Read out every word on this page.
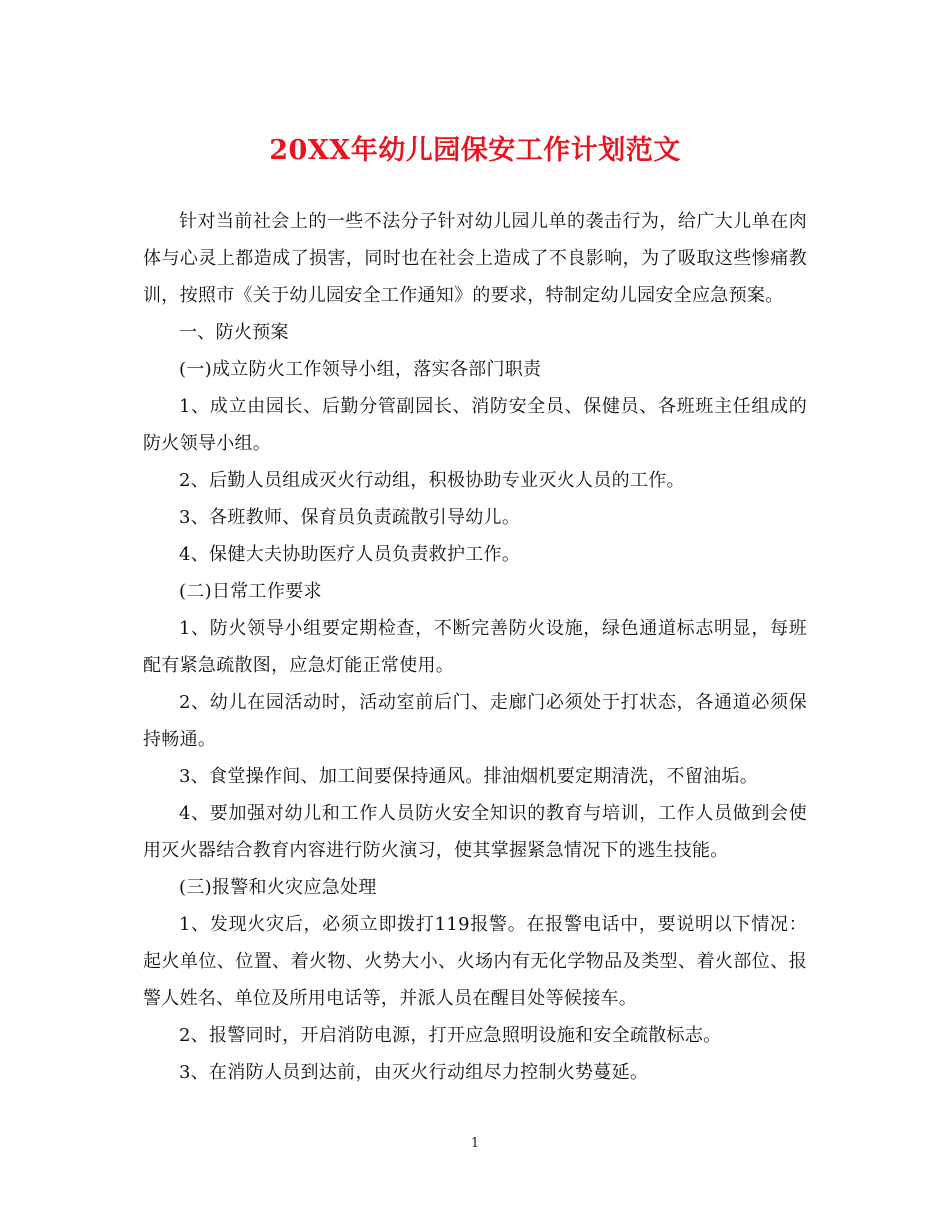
20XX年幼儿园保安工作计划范文

针对当前社会上的一些不法分子针对幼儿园儿单的袭击行为，给广大儿单在肉体与心灵上都造成了损害，同时也在社会上造成了不良影响，为了吸取这些惨痛教训，按照市《关于幼儿园安全工作通知》的要求，特制定幼儿园安全应急预案。

一、防火预案

(一)成立防火工作领导小组，落实各部门职责

1、成立由园长、后勤分管副园长、消防安全员、保健员、各班班主任组成的防火领导小组。

2、后勤人员组成灭火行动组，积极协助专业灭火人员的工作。

3、各班教师、保育员负责疏散引导幼儿。

4、保健大夫协助医疗人员负责救护工作。

(二)日常工作要求

1、防火领导小组要定期检查，不断完善防火设施，绿色通道标志明显，每班配有紧急疏散图，应急灯能正常使用。

2、幼儿在园活动时，活动室前后门、走廊门必须处于打状态，各通道必须保持畅通。

3、食堂操作间、加工间要保持通风。排油烟机要定期清洗，不留油垢。

4、要加强对幼儿和工作人员防火安全知识的教育与培训，工作人员做到会使用灭火器结合教育内容进行防火演习，使其掌握紧急情况下的逃生技能。

(三)报警和火灾应急处理

1、发现火灾后，必须立即拨打119报警。在报警电话中，要说明以下情况：起火单位、位置、着火物、火势大小、火场内有无化学物品及类型、着火部位、报警人姓名、单位及所用电话等，并派人员在醒目处等候接车。

2、报警同时，开启消防电源，打开应急照明设施和安全疏散标志。

3、在消防人员到达前，由灭火行动组尽力控制火势蔓延。

1
